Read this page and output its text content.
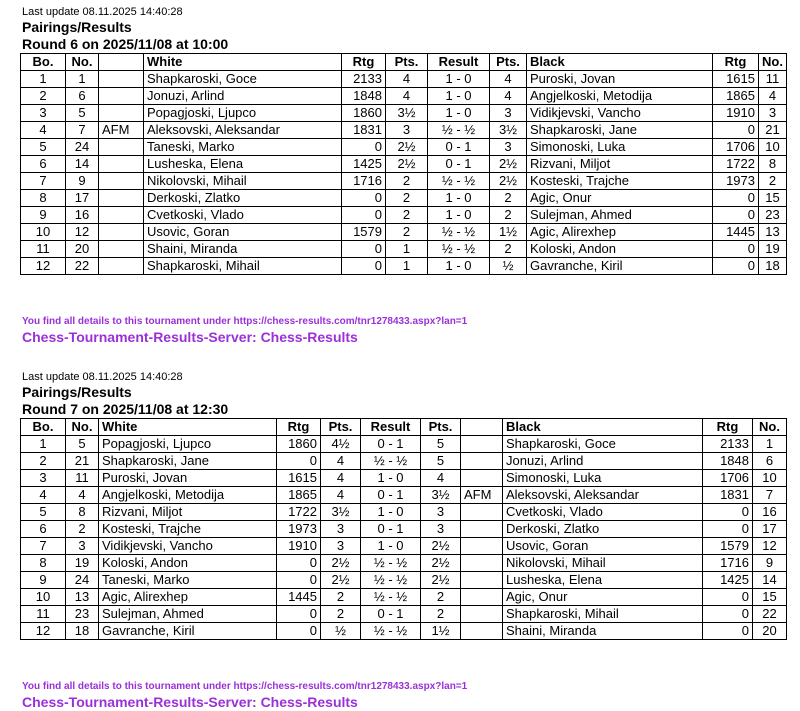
Last update 08.11.2025 14:40:28
Pairings/Results
Round 6 on 2025/11/08 at 10:00
Bo.	No.		White	Rtg	Pts.	Result	Pts.	Black	Rtg	No.
1	1		Shapkaroski, Goce	2133	4	1 - 0	4	Puroski, Jovan	1615	11
2	6		Jonuzi, Arlind	1848	4	1 - 0	4	Angjelkoski, Metodija	1865	4
3	5		Popagjoski, Ljupco	1860	3½	1 - 0	3	Vidikjevski, Vancho	1910	3
4	7	AFM	Aleksovski, Aleksandar	1831	3	½ - ½	3½	Shapkaroski, Jane	0	21
5	24		Taneski, Marko	0	2½	0 - 1	3	Simonoski, Luka	1706	10
6	14		Lusheska, Elena	1425	2½	0 - 1	2½	Rizvani, Miljot	1722	8
7	9		Nikolovski, Mihail	1716	2	½ - ½	2½	Kosteski, Trajche	1973	2
8	17		Derkoski, Zlatko	0	2	1 - 0	2	Agic, Onur	0	15
9	16		Cvetkoski, Vlado	0	2	1 - 0	2	Sulejman, Ahmed	0	23
10	12		Usovic, Goran	1579	2	½ - ½	1½	Agic, Alirexhep	1445	13
11	20		Shaini, Miranda	0	1	½ - ½	2	Koloski, Andon	0	19
12	22		Shapkaroski, Mihail	0	1	1 - 0	½	Gavranche, Kiril	0	18
You find all details to this tournament under https://chess-results.com/tnr1278433.aspx?lan=1
Chess-Tournament-Results-Server: Chess-Results
Last update 08.11.2025 14:40:28
Pairings/Results
Round 7 on 2025/11/08 at 12:30
Bo.	No.	White	Rtg	Pts.	Result	Pts.		Black	Rtg	No.
1	5	Popagjoski, Ljupco	1860	4½	0 - 1	5		Shapkaroski, Goce	2133	1
2	21	Shapkaroski, Jane	0	4	½ - ½	5		Jonuzi, Arlind	1848	6
3	11	Puroski, Jovan	1615	4	1 - 0	4		Simonoski, Luka	1706	10
4	4	Angjelkoski, Metodija	1865	4	0 - 1	3½	AFM	Aleksovski, Aleksandar	1831	7
5	8	Rizvani, Miljot	1722	3½	1 - 0	3		Cvetkoski, Vlado	0	16
6	2	Kosteski, Trajche	1973	3	0 - 1	3		Derkoski, Zlatko	0	17
7	3	Vidikjevski, Vancho	1910	3	1 - 0	2½		Usovic, Goran	1579	12
8	19	Koloski, Andon	0	2½	½ - ½	2½		Nikolovski, Mihail	1716	9
9	24	Taneski, Marko	0	2½	½ - ½	2½		Lusheska, Elena	1425	14
10	13	Agic, Alirexhep	1445	2	½ - ½	2		Agic, Onur	0	15
11	23	Sulejman, Ahmed	0	2	0 - 1	2		Shapkaroski, Mihail	0	22
12	18	Gavranche, Kiril	0	½	½ - ½	1½		Shaini, Miranda	0	20
You find all details to this tournament under https://chess-results.com/tnr1278433.aspx?lan=1
Chess-Tournament-Results-Server: Chess-Results
